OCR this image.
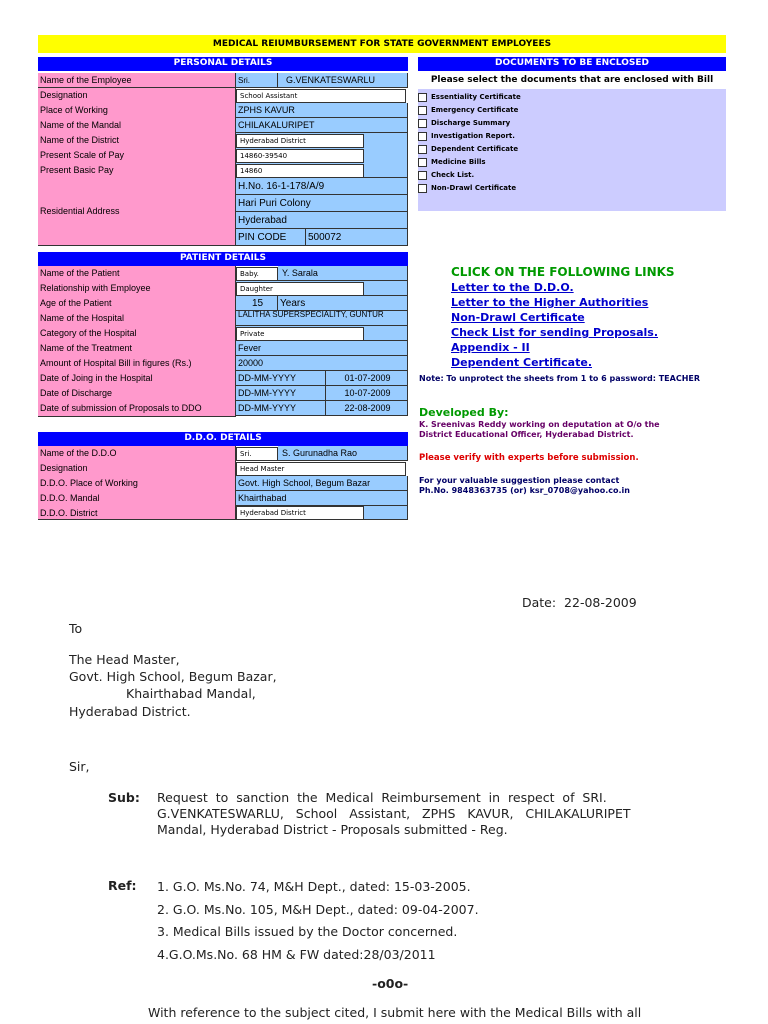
MEDICAL REIUMBURSEMENT FOR STATE GOVERNMENT EMPLOYEES
PERSONAL DETAILS
Name of the Employee	Sri.	G.VENKATESWARLU
Designation	School Assistant
Place of Working	ZPHS KAVUR
Name of the Mandal	CHILAKALURIPET
Name of the District	Hyderabad District
Present Scale of Pay	14860-39540
Present Basic Pay	14860
Residential Address
H.No. 16-1-178/A/9
Hari Puri Colony
Hyderabad
PIN CODE	500072
DOCUMENTS TO BE ENCLOSED
Please select the documents that are enclosed with Bill
Essentiality Certificate
Emergency Certificate
Discharge Summary
Investigation Report.
Dependent Certificate
Medicine Bills
Check List.
Non-Drawl Certificate
PATIENT DETAILS
Name of the Patient	Baby.	Y. Sarala
Relationship with Employee	Daughter
Age of the Patient	15	Years
Name of the Hospital	LALITHA SUPERSPECIALITY, GUNTUR
Category of the Hospital	Private
Name of the Treatment	Fever
Amount of Hospital Bill in figures (Rs.)	20000
Date of Joing in the Hospital	DD-MM-YYYY	01-07-2009
Date of Discharge	DD-MM-YYYY	10-07-2009
Date of submission of Proposals to DDO	DD-MM-YYYY	22-08-2009
CLICK ON THE FOLLOWING LINKS
Letter to the D.D.O.
Letter to the Higher Authorities
Non-Drawl Certificate
Check List for sending Proposals.
Appendix - II
Dependent Certificate.
Note: To unprotect the sheets from 1 to 6 password: TEACHER
Developed By:
K. Sreenivas Reddy working on deputation at O/o the
District Educational Officer, Hyderabad District.
Please verify with experts before submission.
For your valuable suggestion please contact
Ph.No. 9848363735 (or) ksr_0708@yahoo.co.in
D.D.O. DETAILS
Name of the D.D.O	Sri.	S. Gurunadha Rao
Designation	Head Master
D.D.O. Place of Working	Govt. High School, Begum Bazar
D.D.O. Mandal	Khairthabad
D.D.O. District	Hyderabad District
Date: 22-08-2009
To
The Head Master,
Govt. High School, Begum Bazar,
Khairthabad Mandal,
Hyderabad District.
Sir,
Sub: Request  to  sanction  the  Medical  Reimbursement  in  respect  of  SRI.
G.VENKATESWARLU,   School   Assistant,   ZPHS   KAVUR,   CHILAKALURIPET
Mandal, Hyderabad District - Proposals submitted - Reg.
Ref: 1. G.O. Ms.No. 74, M&H Dept., dated: 15-03-2005.
2. G.O. Ms.No. 105, M&H Dept., dated: 09-04-2007.
3. Medical Bills issued by the Doctor concerned.
4.G.O.Ms.No. 68 HM & FW dated:28/03/2011
-o0o-
With reference to the subject cited, I submit here with the Medical Bills with all
